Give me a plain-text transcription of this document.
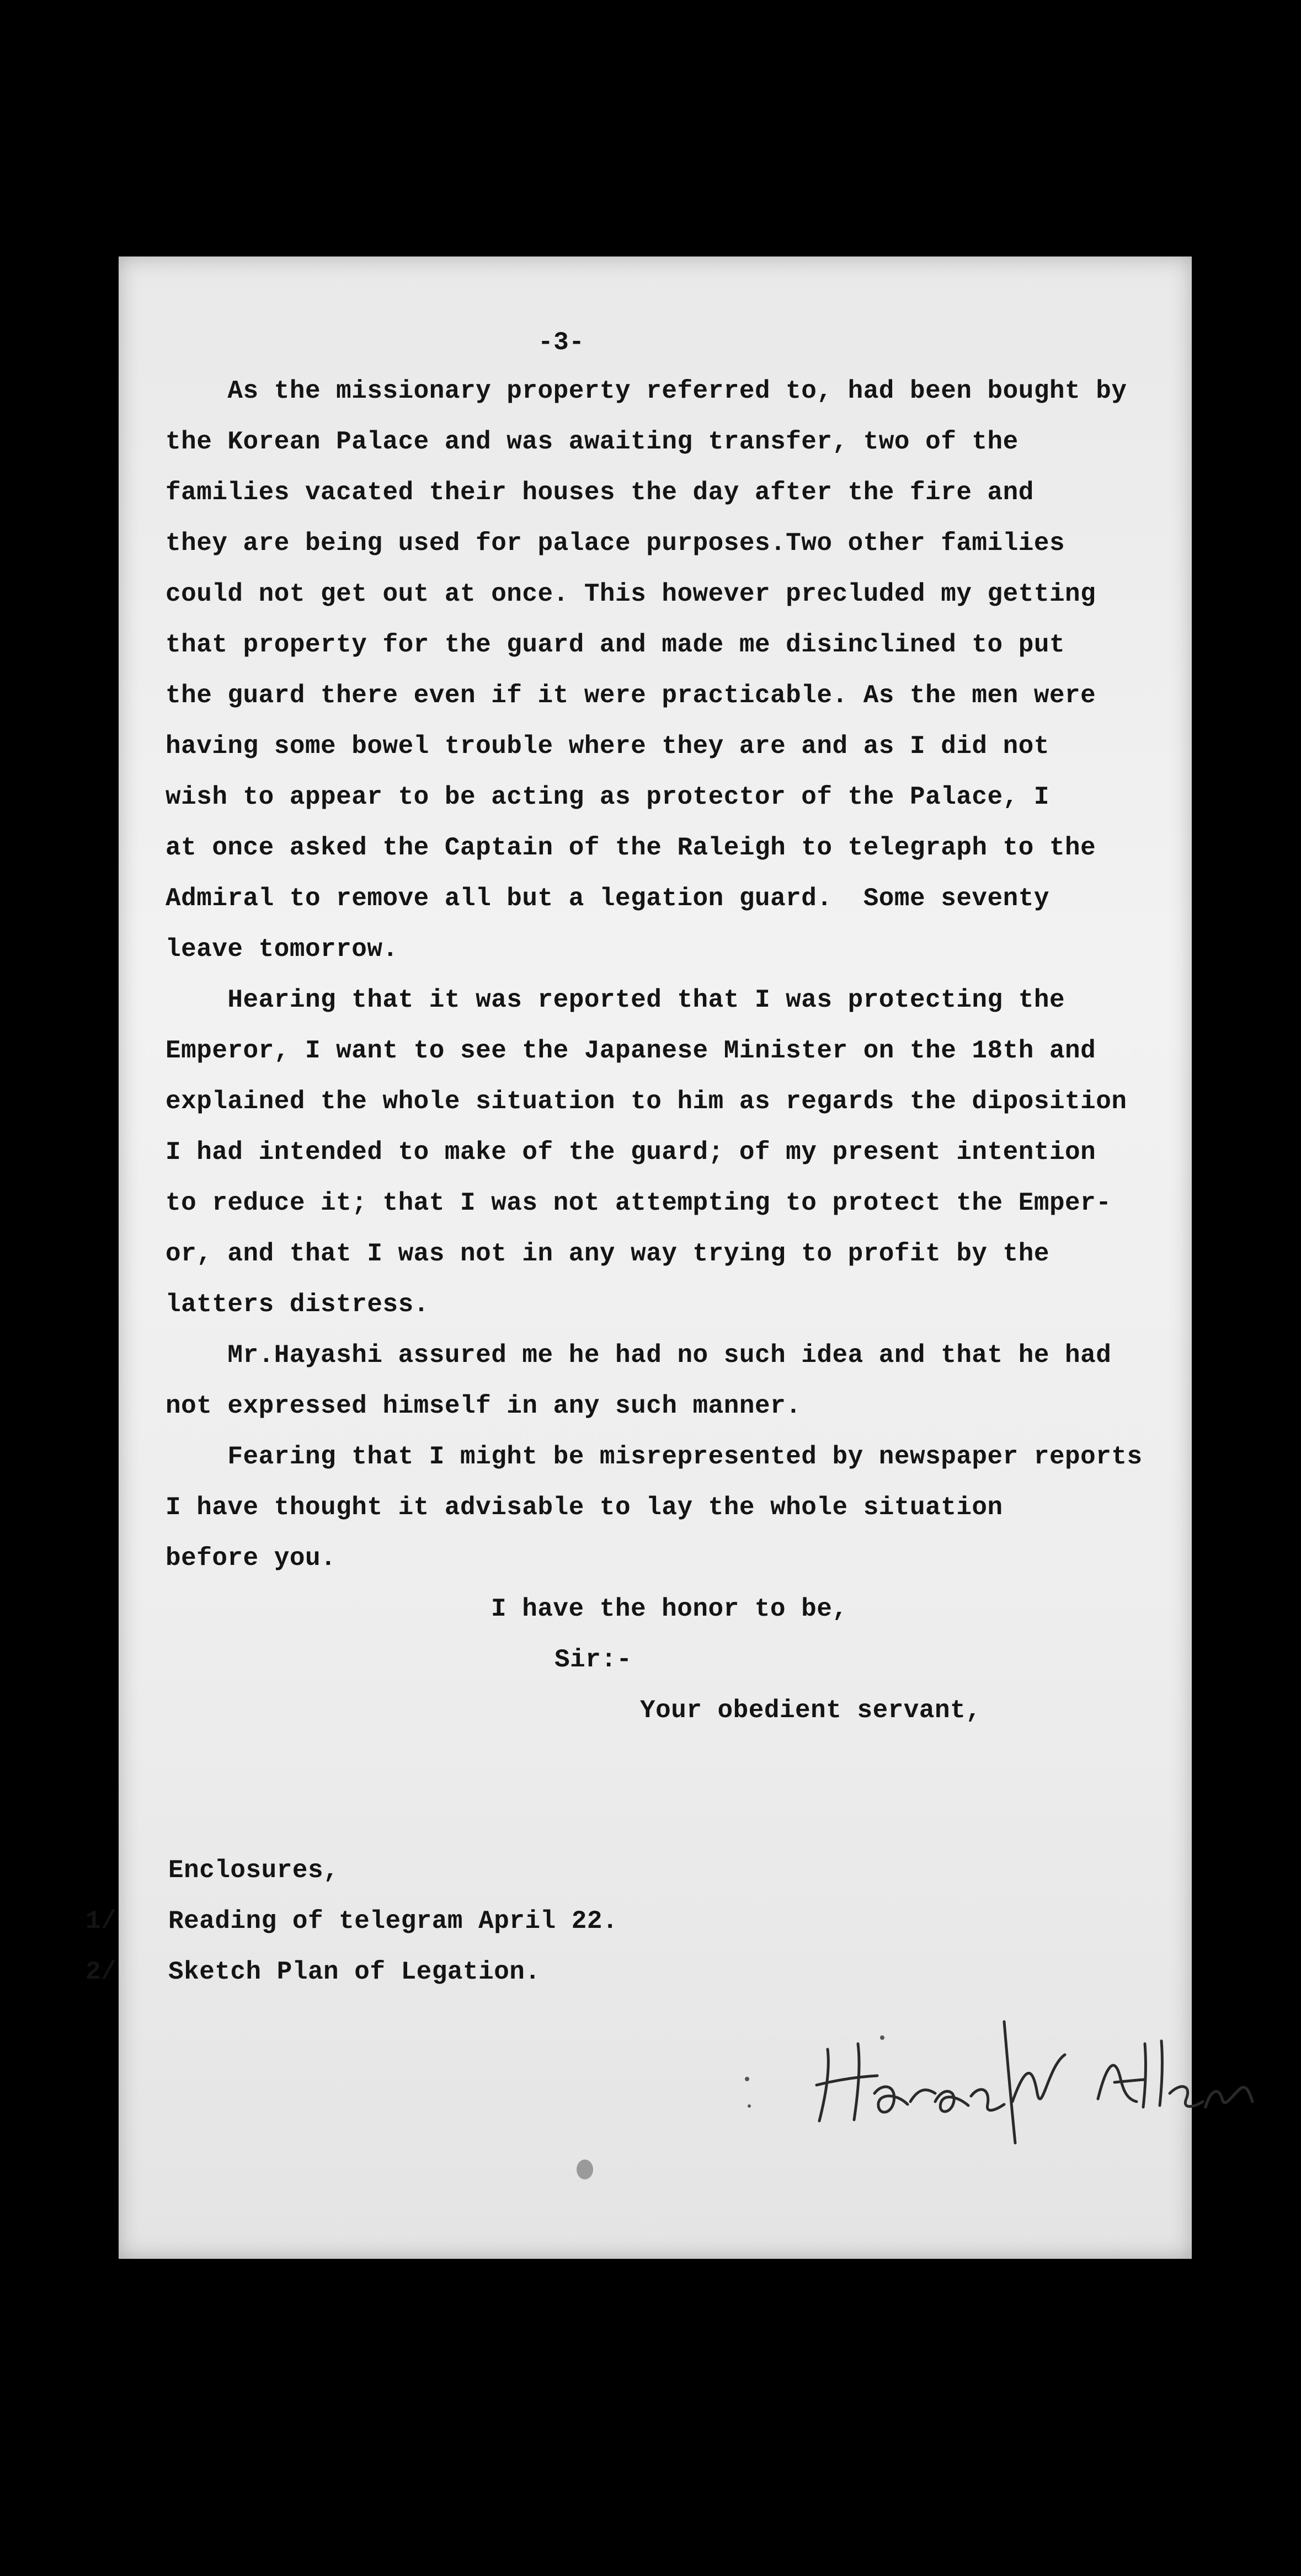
-3-

As the missionary property referred to, had been bought by

the Korean Palace and was awaiting transfer, two of the

families vacated their houses the day after the fire and

they are being used for palace purposes.Two other families

could not get out at once. This however precluded my getting

that property for the guard and made me disinclined to put

the guard there even if it were practicable. As the men were

having some bowel trouble where they are and as I did not

wish to appear to be acting as protector of the Palace, I

at once asked the Captain of the Raleigh to telegraph to the

Admiral to remove all but a legation guard.  Some seventy

leave tomorrow.

Hearing that it was reported that I was protecting the

Emperor, I want to see the Japanese Minister on the 18th and

explained the whole situation to him as regards the diposition

I had intended to make of the guard; of my present intention

to reduce it; that I was not attempting to protect the Emper-

or, and that I was not in any way trying to profit by the

latters distress.

Mr.Hayashi assured me he had no such idea and that he had

not expressed himself in any such manner.

Fearing that I might be misrepresented by newspaper reports

I have thought it advisable to lay the whole situation

before you.

I have the honor to be,

Sir:-

Your obedient servant,

Enclosures,

1/ Reading of telegram April 22.

2/ Sketch Plan of Legation.
